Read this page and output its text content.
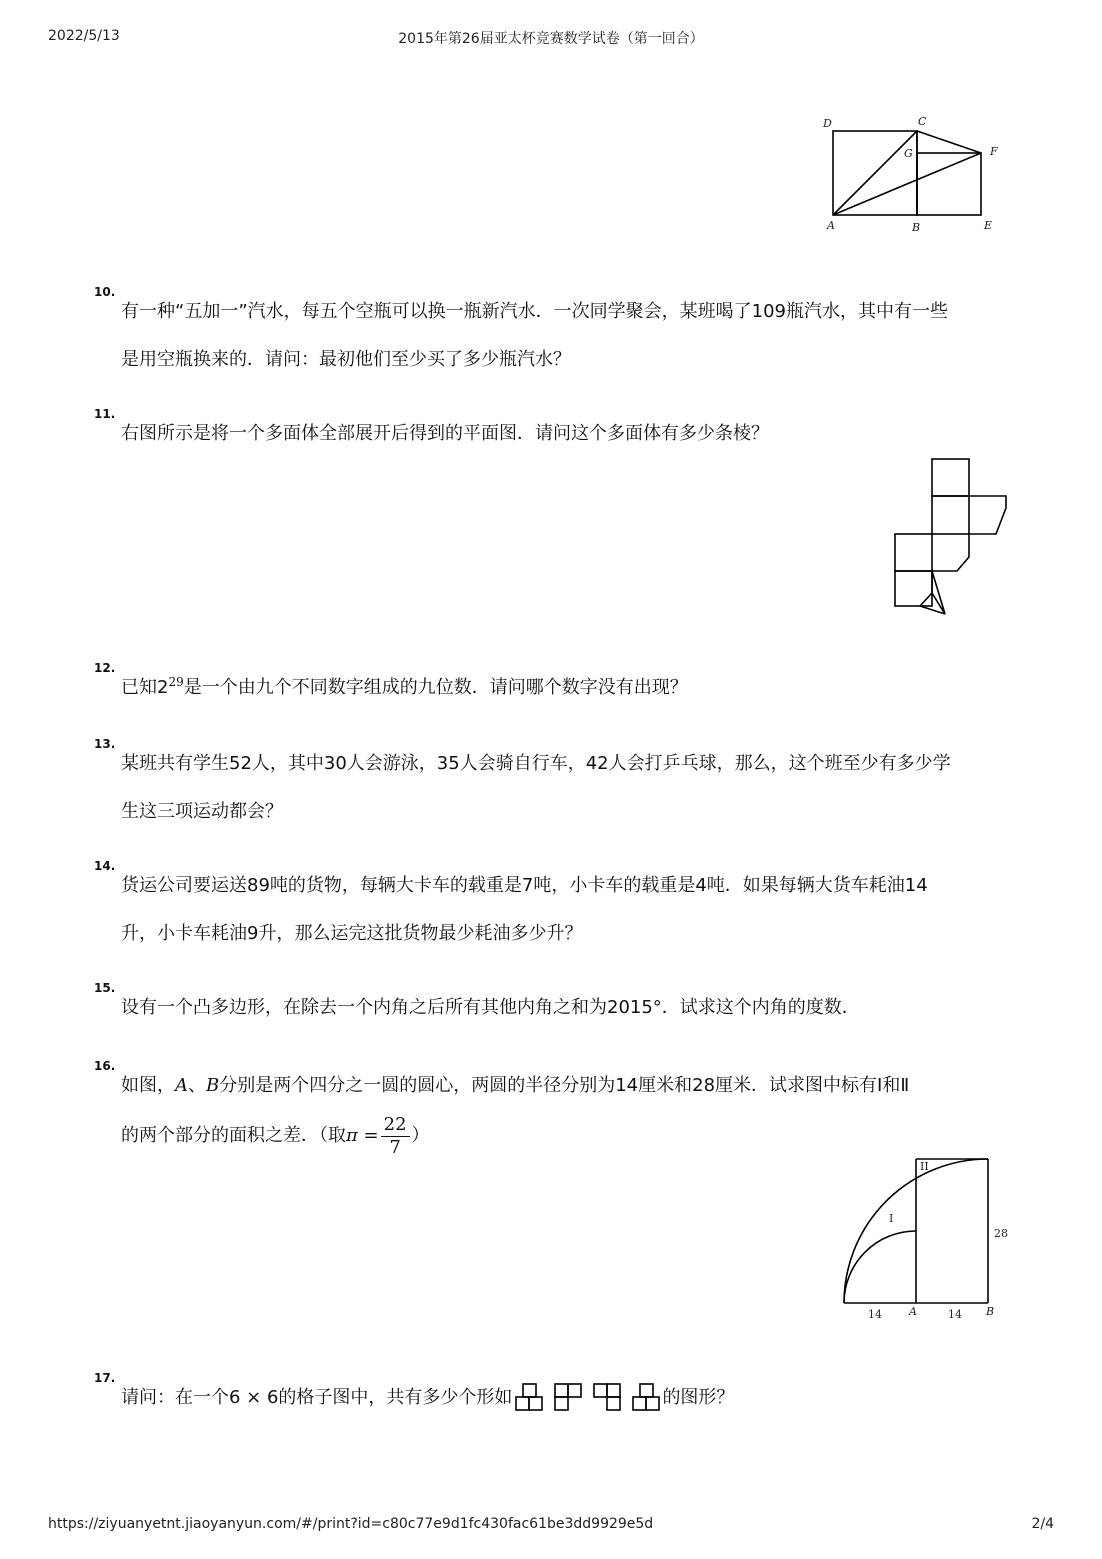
2022/5/13	2015年第26届亚太杯竞赛数学试卷（第一回合）
D	C
G	F
A	B	E
10.
有一种“五加一”汽水，每五个空瓶可以换一瓶新汽水．一次同学聚会，某班喝了109瓶汽水，其中有一些
是用空瓶换来的．请问：最初他们至少买了多少瓶汽水？
11.
右图所示是将一个多面体全部展开后得到的平面图．请问这个多面体有多少条棱？
12.
已知$2^{29}$是一个由九个不同数字组成的九位数．请问哪个数字没有出现？
13.
某班共有学生52人，其中30人会游泳，35人会骑自行车，42人会打乒乓球，那么，这个班至少有多少学
生这三项运动都会？
14.
货运公司要运送89吨的货物，每辆大卡车的载重是7吨，小卡车的载重是4吨．如果每辆大货车耗油14
升，小卡车耗油9升，那么运完这批货物最少耗油多少升？
15.
设有一个凸多边形，在除去一个内角之后所有其他内角之和为2015°．试求这个内角的度数．
16.
如图，A、B分别是两个四分之一圆的圆心，两圆的半径分别为14厘米和28厘米．试求图中标有Ⅰ和Ⅱ
的两个部分的面积之差．（取$\pi = \frac{22}{7}$ ）
II
I
28
14 A	14 B
17.
请问：在一个6 × 6的格子图中，共有多少个形如	的图形？
https://ziyuanyetnt.jiaoyanyun.com/#/print?id=c80c77e9d1fc430fac61be3dd9929e5d	2/4
